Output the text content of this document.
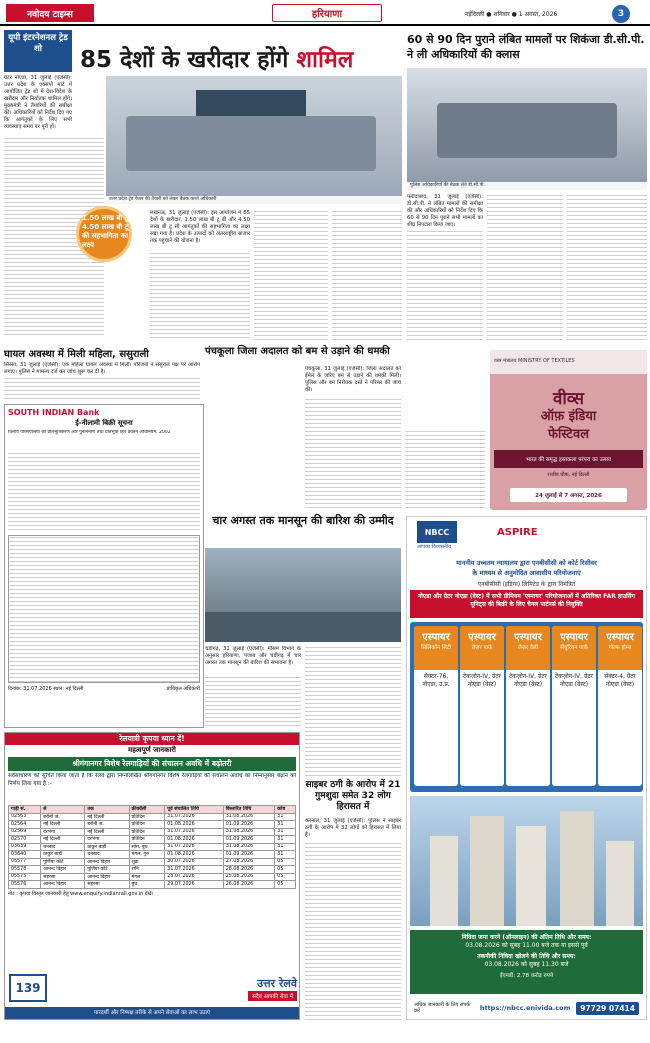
नवोदय टाइम्स	हरियाणा	नईदिल्ली ● शनिवार ● 1 अगस्त, 2026	3
यूपी इंटरनेशनल ट्रेड शो
ग्रेटर नोएडा, 31 जुलाई (एजेंसी): उत्तर प्रदेश के एक्सपो मार्ट में आयोजित ट्रेड शो में देश-विदेश के खरीदार और निर्यातक शामिल होंगे। मुख्यमंत्री ने तैयारियों की समीक्षा की। अधिकारियों को निर्देश दिए गए कि आगंतुकों के लिए सभी व्यवस्थाएं समय पर पूरी हों।
85 देशों के खरीदार होंगे शामिल
उत्तर प्रदेश ट्रेड फेयर की तैयारी को लेकर बैठक करते अधिकारी
1.50 लाख बी टू बी, 4.50 लाख बी टू सी की सहभागिता का लक्ष्य
लखनऊ, 31 जुलाई (एजेंसी): इस आयोजन में 85 देशों के खरीदार, 1.50 लाख बी टू बी और 4.50 लाख बी टू सी आगंतुकों की सहभागिता का लक्ष्य रखा गया है। प्रदेश के उत्पादों को अंतरराष्ट्रीय बाजार तक पहुंचाने की योजना है।
60 से 90 दिन पुराने लंबित मामलों पर शिकंजा डी.सी.पी. ने ली अधिकारियों की क्लास
पुलिस अधिकारियों की बैठक लेते डी.सी.पी.
फरीदाबाद, 31 जुलाई (एजेंसी): डी.सी.पी. ने लंबित मामलों की समीक्षा की और अधिकारियों को निर्देश दिए कि 60 से 90 दिन पुराने सभी मामलों का शीघ्र निपटारा किया जाए।
घायल अवस्था में मिली महिला, ससुराली
सिरसा, 31 जुलाई (एजेंसी): एक महिला घायल अवस्था में मिली। परिजनों ने ससुराल पक्ष पर आरोप लगाए। पुलिस ने मामला दर्ज कर जांच शुरू कर दी है।
पंचकूला जिला अदालत को बम से उड़ाने की धमकी
पंचकूला, 31 जुलाई (एजेंसी): जिला अदालत को ईमेल के जरिए बम से उड़ाने की धमकी मिली। पुलिस और बम निरोधक दस्ते ने परिसर की जांच की।
SOUTH INDIAN Bank
ई-नीलामी बिक्री सूचना
वित्तीय परिसंपत्तियों का प्रतिभूतिकरण और पुनर्निर्माण तथा प्रतिभूति हित प्रवर्तन अधिनियम, 2002
दिनांक: 31.07.2026 स्थान: नई दिल्ली	प्राधिकृत अधिकारी
वस्त्र मंत्रालय MINISTRY OF TEXTILES
वीव्स
ऑफ़ इंडिया
फेस्टिवल
भारत की समृद्ध हस्तकला परंपरा का उत्सव
राजीव चौक, नई दिल्ली
24 जुलाई से 7 अगस्त, 2026
चार अगस्त तक मानसून की बारिश की उम्मीद
चंडीगढ़, 31 जुलाई (एजेंसी): मौसम विभाग के अनुसार हरियाणा, पंजाब और चंडीगढ़ में चार अगस्त तक मानसून की बारिश की संभावना है।
साइबर ठगी के आरोप में 21 गुमशुदा समेत 32 लोग हिरासत में
करनाल, 31 जुलाई (एजेंसी): पुलिस ने साइबर ठगी के आरोप में 32 लोगों को हिरासत में लिया है।
रेलयात्री कृपया ध्यान दें!
महत्वपूर्ण जानकारी
श्रीगंगानगर विशेष रेलगाड़ियों की संचालन अवधि में बढ़ोतरी
सर्वसाधारण को सूचित किया जाता है कि रेलवे द्वारा निम्नलिखित श्रीगंगानगर विशेष रेलगाड़ियों की संचालन अवधि को निम्नानुसार बढ़ाने का निर्णय लिया गया है :-
गाड़ी सं.	से	तक	फ्रीक्वेंसी	पूर्व संचालित तिथि	विस्तारित तिथि	कोच
02563	बरौनी ज.	नई दिल्ली	प्रतिदिन	31.07.2026	31.08.2026	31
02564	नई दिल्ली	बरौनी ज.	प्रतिदिन	01.08.2026	01.09.2026	31
02569	दरभंगा	नई दिल्ली	प्रतिदिन	31.07.2026	31.08.2026	31
02570	नई दिल्ली	दरभंगा	प्रतिदिन	01.08.2026	01.09.2026	31
03639	धनबाद	ठाकुर बाड़ी	सोम, बुध	31.07.2026	31.08.2026	31
03640	ठाकुर बाड़ी	धनबाद	मंगल, गुरु	01.08.2026	01.09.2026	31
05577	पूर्णिया कोर्ट	आनन्द विहार	शुक्र	30.07.2026	27.08.2026	05
05578	आनन्द विहार	पूर्णिया कोर्ट	शनि	31.07.2026	28.08.2026	05
05575	सहरसा	आनन्द विहार	मंगल	28.07.2026	25.08.2026	05
05576	आनन्द विहार	सहरसा	बुध	29.07.2026	26.08.2026	05
नोट : कृपया विस्तृत जानकारी हेतु www.enquiry.indianrail.gov.in देखें।
139	उत्तर रेलवे
सदैव आपकी सेवा में
पारदर्शी और निष्पक्ष तरीके से अपने सेवाओं का लाभ उठाएं
NBCC
आपका विश्वसनीय
ASPIRE
माननीय उच्चतम न्यायालय द्वारा एनबीसीसी को कोर्ट रिसीवर
के माध्यम से अनुमोदित आवासीय परियोजनाएं
एनबीसीसी (इंडिया) लिमिटेड के द्वारा निमंत्रित
नोएडा और ग्रेटर नोएडा (वेस्ट) में सभी प्रीमियम 'एस्पायर' परियोजनाओं में अतिरिक्त FAR हाउसिंग यूनिट्स की बिक्री के लिए चैनल पार्टनर्स की नियुक्ति
एस्पायर
सिलिकॉन सिटी
सेक्टर-76, नोएडा, उ.प्र.
एस्पायर
लेज़र पार्क
टेकज़ोन-IV, ग्रेटर नोएडा (वेस्ट)
एस्पायर
लेज़र वैली
टेकज़ोन-IV, ग्रेटर नोएडा (वेस्ट)
एस्पायर
सेंचुरियन पार्क
टेकज़ोन-IV, ग्रेटर नोएडा (वेस्ट)
एस्पायर
गोल्फ होम्स
सेक्टर-4, ग्रेटर नोएडा (वेस्ट)
निविदा जमा करने (ऑनलाइन) की अंतिम तिथि और समय:
03.08.2026 को सुबह 11.00 बजे तक या इससे पूर्व
तकनीकी निविदा खोलने की तिथि और समय:
03.08.2026 को सुबह 11.30 बजे
ईएमडी: 2.78 करोड़ रुपये
अधिक जानकारी के लिए संपर्क करें	https://nbcc.enivida.com	97729 07414
